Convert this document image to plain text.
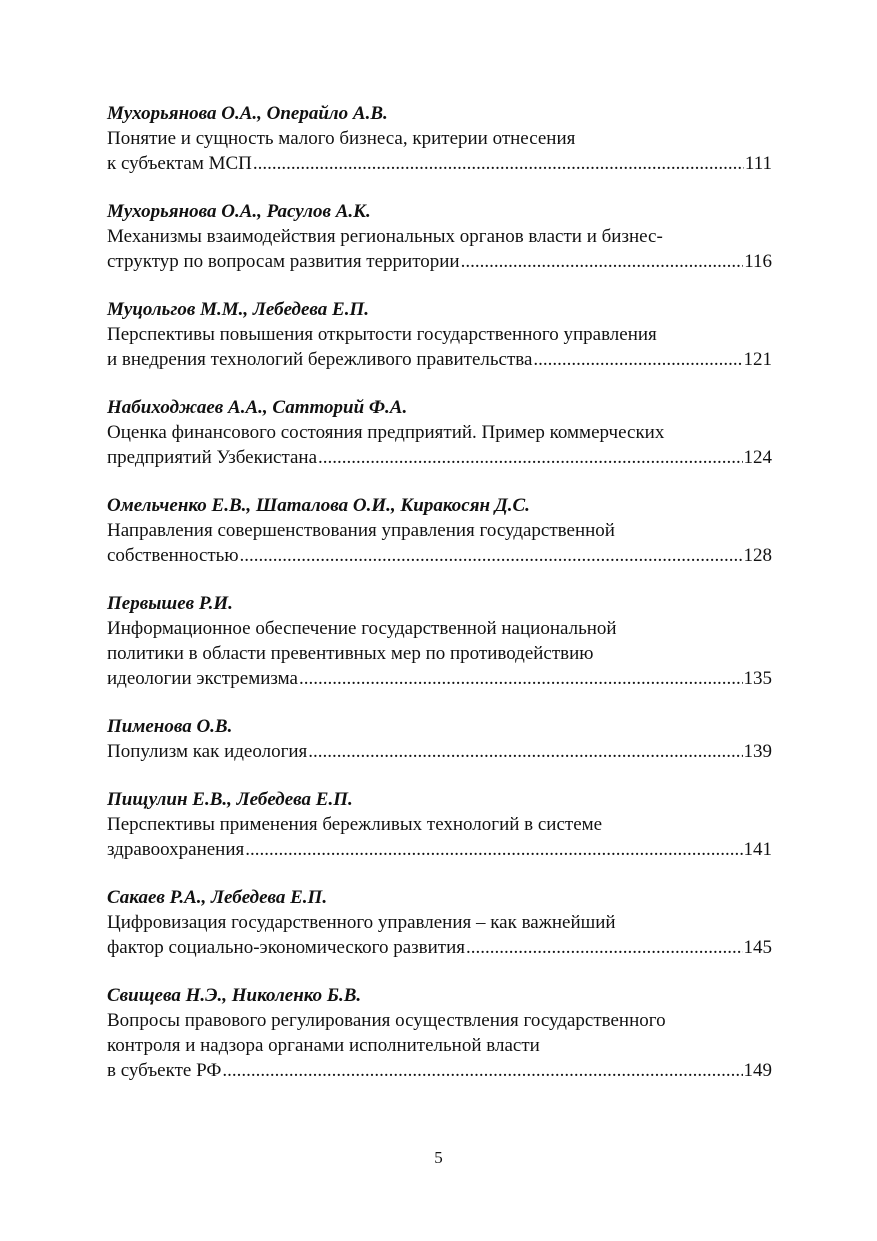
Мухорьянова О.А., Операйло А.В.
Понятие и сущность малого бизнеса, критерии отнесения
к субъектам МСП .....	111
Мухорьянова О.А., Расулов А.К.
Механизмы взаимодействия региональных органов власти и бизнес-
структур по вопросам развития территории .....	116
Муцольгов М.М., Лебедева Е.П.
Перспективы повышения открытости государственного управления
и внедрения технологий бережливого правительства .....	121
Набиходжаев А.А., Сатторий Ф.А.
Оценка финансового состояния предприятий. Пример коммерческих
предприятий Узбекистана .....	124
Омельченко Е.В., Шаталова О.И., Киракосян Д.С.
Направления совершенствования управления государственной
собственностью .....	128
Первышев Р.И.
Информационное обеспечение государственной национальной
политики в области превентивных мер по противодействию
идеологии экстремизма .....	135
Пименова О.В.
Популизм как идеология .....	139
Пищулин Е.В., Лебедева Е.П.
Перспективы применения бережливых технологий в системе
здравоохранения .....	141
Сакаев Р.А., Лебедева Е.П.
Цифровизация государственного управления – как важнейший
фактор социально-экономического развития .....	145
Свищева Н.Э., Николенко Б.В.
Вопросы правового регулирования осуществления государственного
контроля и надзора органами исполнительной власти
в субъекте РФ .....	149
5
